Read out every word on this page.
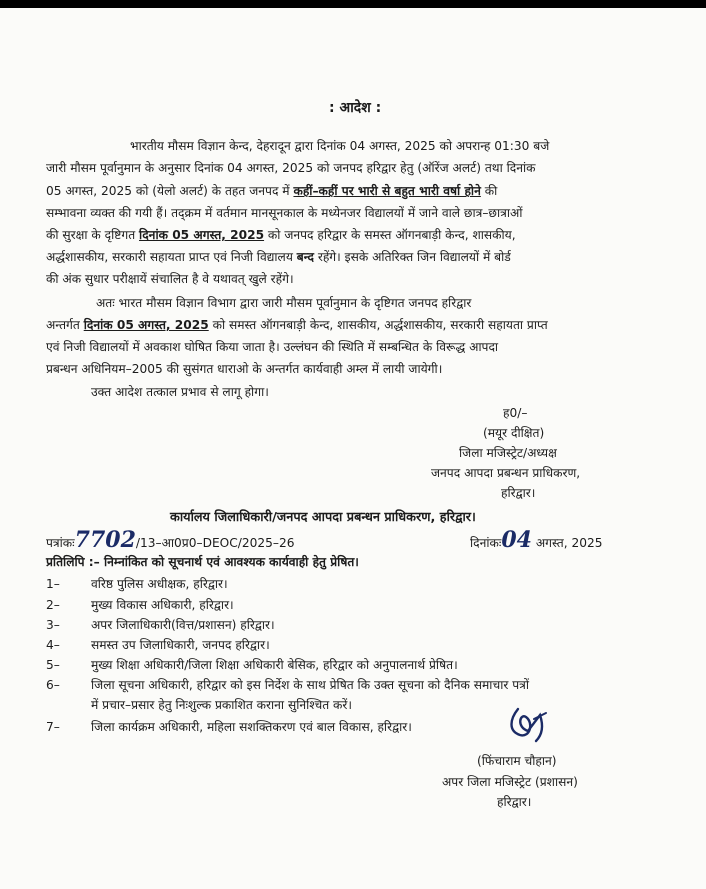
: आदेश :
भारतीय मौसम विज्ञान केन्द, देहरादून द्वारा दिनांक 04 अगस्त, 2025 को अपरान्ह 01:30 बजे
जारी मौसम पूर्वानुमान के अनुसार दिनांक 04 अगस्त, 2025 को जनपद हरिद्वार हेतु (ऑरेंज अलर्ट) तथा दिनांक
05 अगस्त, 2025 को (येलो अलर्ट) के तहत जनपद में कहीं–कहीं पर भारी से बहुत भारी वर्षा होने की
सम्भावना व्यक्त की गयी हैं। तद्क्रम में वर्तमान मानसूनकाल के मध्येनजर विद्यालयों में जाने वाले छात्र–छात्राओं
की सुरक्षा के दृष्टिगत दिनांक 05 अगस्त, 2025 को जनपद हरिद्वार के समस्त ऑगनबाड़ी केन्द, शासकीय,
अर्द्धशासकीय, सरकारी सहायता प्राप्त एवं निजी विद्यालय बन्द रहेंगे। इसके अतिरिक्त जिन विद्यालयों में बोर्ड
की अंक सुधार परीक्षायें संचालित है वे यथावत् खुले रहेंगे।
अतः भारत मौसम विज्ञान विभाग द्वारा जारी मौसम पूर्वानुमान के दृष्टिगत जनपद हरिद्वार
अन्तर्गत दिनांक 05 अगस्त, 2025 को समस्त ऑगनबाड़ी केन्द, शासकीय, अर्द्धशासकीय, सरकारी सहायता प्राप्त
एवं निजी विद्यालयों में अवकाश घोषित किया जाता है। उल्लंघन की स्थिति में सम्बन्धित के विरूद्ध आपदा
प्रबन्धन अधिनियम–2005 की सुसंगत धाराओ के अन्तर्गत कार्यवाही अम्ल में लायी जायेगी।
उक्त आदेश तत्काल प्रभाव से लागू होगा।
ह0/–
(मयूर दीक्षित)
जिला मजिस्ट्रेट/अध्यक्ष
जनपद आपदा प्रबन्धन प्राधिकरण,
हरिद्वार।
कार्यालय जिलाधिकारी/जनपद आपदा प्रबन्धन प्राधिकरण, हरिद्वार।
पत्रांकः7702/13–आ0प्र0–DEOC/2025–26	दिनांकः04 अगस्त, 2025
प्रतिलिपि :– निम्नांकित को सूचनार्थ एवं आवश्यक कार्यवाही हेतु प्रेषित।
1–	वरिष्ठ पुलिस अधीक्षक, हरिद्वार।
2–	मुख्य विकास अधिकारी, हरिद्वार।
3–	अपर जिलाधिकारी(वित्त/प्रशासन) हरिद्वार।
4–	समस्त उप जिलाधिकारी, जनपद हरिद्वार।
5–	मुख्य शिक्षा अधिकारी/जिला शिक्षा अधिकारी बेसिक, हरिद्वार को अनुपालनार्थ प्रेषित।
6–	जिला सूचना अधिकारी, हरिद्वार को इस निर्देश के साथ प्रेषित कि उक्त सूचना को दैनिक समाचार पत्रों
में प्रचार–प्रसार हेतु निःशुल्क प्रकाशित कराना सुनिश्चित करें।
7–	जिला कार्यक्रम अधिकारी, महिला सशक्तिकरण एवं बाल विकास, हरिद्वार।
(फिंचाराम चौहान)
अपर जिला मजिस्ट्रेट (प्रशासन)
हरिद्वार।
